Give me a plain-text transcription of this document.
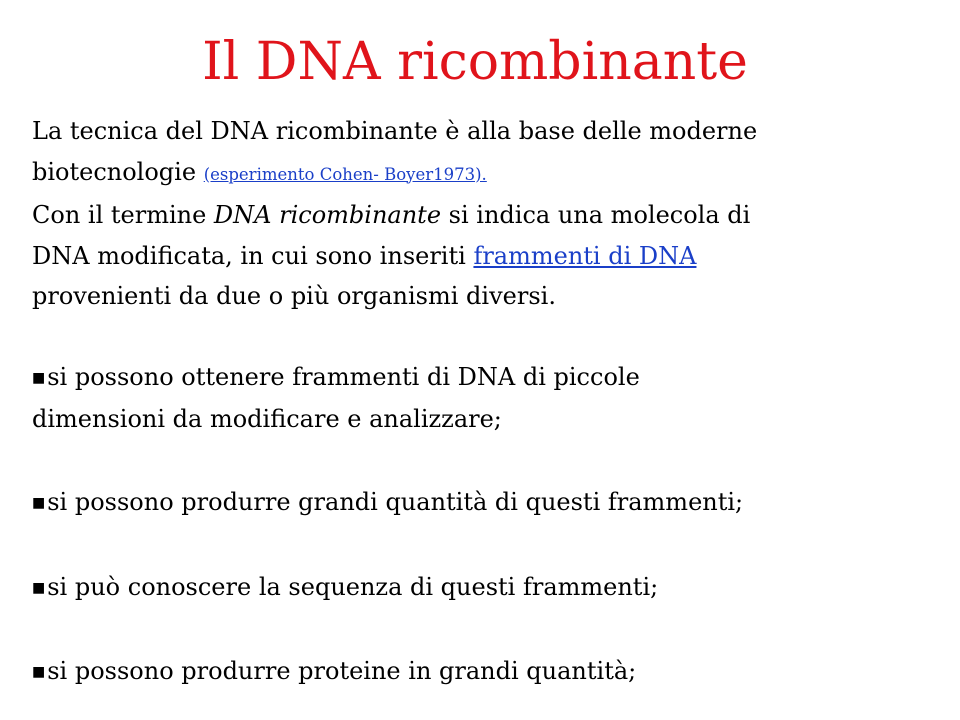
Il DNA ricombinante

La tecnica del DNA ricombinante è alla base delle moderne

biotecnologie (esperimento Cohen- Boyer1973).

Con il termine DNA ricombinante si indica una molecola di

DNA modificata, in cui sono inseriti frammenti di DNA

provenienti da due o più organismi diversi.

■si possono ottenere frammenti di DNA di piccole

dimensioni da modificare e analizzare;

■si possono produrre grandi quantità di questi frammenti;

■si può conoscere la sequenza di questi frammenti;

■si possono produrre proteine in grandi quantità;
